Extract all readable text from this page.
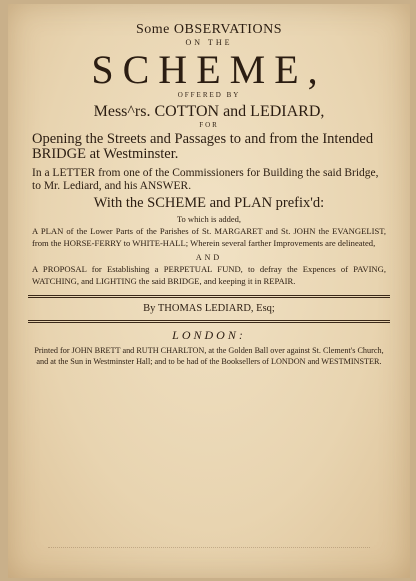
Some OBSERVATIONS

ON THE

SCHEME,

OFFERED BY

Mess^rs. COTTON and LEDIARD,

FOR

Opening the Streets and Passages to and from the Intended BRIDGE at Westminster.

In a LETTER from one of the Commissioners for Building the said Bridge, to Mr. Lediard, and his ANSWER.

With the SCHEME and PLAN prefix'd:

To which is added,

A PLAN of the Lower Parts of the Parishes of St. MARGARET and St. JOHN the EVANGELIST, from the HORSE-FERRY to WHITE-HALL; Wherein several farther Improvements are delineated,

AND

A PROPOSAL for Establishing a PERPETUAL FUND, to defray the Expences of PAVING, WATCHING, and LIGHTING the said BRIDGE, and keeping it in REPAIR.

By THOMAS LEDIARD, Esq;

LONDON:

Printed for JOHN BRETT and RUTH CHARLTON, at the Golden Ball over against St. Clement's Church, and at the Sun in Westminster Hall; and to be had of the Booksellers of LONDON and WESTMINSTER.
